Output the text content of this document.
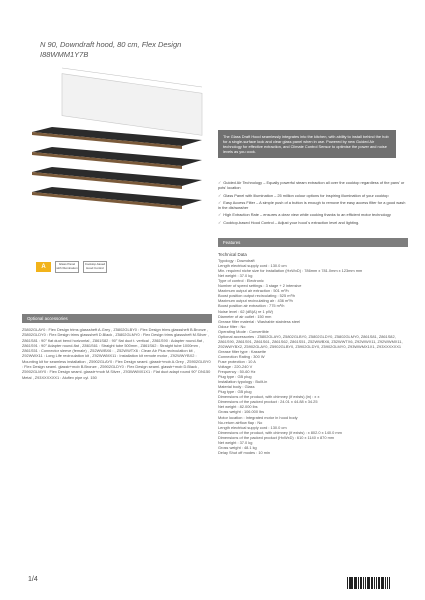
N 90, Downdraft hood, 80 cm, Flex Design
I88WMM1Y7B
The Glass Draft Hood seamlessly integrates into the kitchen, with ability to install behind the hob for a single-surface look and clear glass panel when in use. Powered by new Guided Air technology for effective extraction, and Climate Control Sensor to optimise the power and noise levels as you cook.
✓ Guided Air Technology – Equally powerful steam extraction all over the cooktop regardless of the pans' or pots' location
✓ Glass Panel with Illumination – 25 million colour options for inspiring illumination of your cooktop
✓ Easy Access Filter – A simple push of a button is enough to remove the easy access filter for a good wash in the dishwasher
✓ High Extraction Rate – ensures a clear view while cooking thanks to an efficient motor technology
✓ Cooktop-based Hood Control – Adjust your hood`s extraction level and lighting.
Features
A	Glass Panel with Illumination
Cooktop-based Hood Control
Optional accessories
Z5802GLAY0 : Flex Design trims glasssheft A.Grey , Z5802GLBY0 : Flex Design trims glasssheft B.Bronze , Z5802GLDY0 : Flex Design trims glasssheft D.Black , Z5802GLMY0 : Flex Design trims glasssheft M.Silver , Z861S81 : 90° flat duct bend horizontal , Z861S82 : 90° flat duct t. vertical , Z861S90 : Adapter round-flat , Z861S91 : 90° Adapter round-flat , Z861S61 : Straight tube 500mm , Z861S62 : Straight tube 1000mm , Z861S51 : Connector sleeve (female) , Z52WWBX6 : , Z52WWTX6 : Clean Air Plus recirculation kit , Z92WWX11 : Long Life recirculation kit , Z92WWMX11 : Installation kit remote motor , Z92WWYBX2 : Mounting kit for seamless installation , Z5902GLAY0 : Flex Design seaml. glasstr+mob A.Grey , Z5902GLBY0 : Flex Design seaml. glasstr+mob B.Bronze , Z5902GLDY0 : Flex Design seaml. glasstr+mob D.Black , Z5902GLMY0 : Flex Design seaml. glasstr+mob M.Silver , Z93WWMX1X1 : Flat duct adapt round 90° DN150 Metal , Z93XXXXXX1 : Alufiex pipe cyl. 150
Technical Data
Typology : Downdraft
Length electrical supply cord : 130.0 cm
Min. required niche size for installation (HxWxD) : 786mm x 781.0mm x 123mm mm
Net weight : 37.0 kg
Type of control : Electronic
Number of speed settings : 3 stage + 2 intensive
Maximum output air extraction : 501 m³/h
Boost position output recirculating : 525 m³/h
Maximum output recirculating air : 436 m³/h
Boost position air extraction : 775 m³/h
Noise level : 62 (dB(A) re 1 pW)
Diameter of air outlet : 150 mm
Grease filter material : Washable stainless steel
Odour filter : No
Operating Mode : Convertible
Optional accessories : Z5802GLAY0, Z5802GLBY0, Z5802GLDY0, Z5802GLMY0, Z861S81, Z861S82, Z861S90, Z861S91, Z861S61, Z861S62, Z861S51, Z52WWBX6, Z52WWTX6, Z92WWX11, Z92WWMX11, Z92WWYBX2, Z5902GLAY0, Z5902GLBY0, Z5902GLDY0, Z5902GLMY0, Z93WWMX1X1, Z93XXXXXX1
Grease filter type : Kassette
Connection Rating : 300 W
Fuse protection : 10 A
Voltage : 220-240 V
Frequency : 50-60 Hz
Plug type : GB plug
Installation typology : Built-in
Material body : Glass
Plug type : GB plug
Dimensions of the product, with chimney (if exists) (in) : x x
Dimensions of the packed product : 24.01 x 44.88 x 34.25
Net weight : 82.000 lbs
Gross weight : 106.000 lbs
Motor location : Integrated motor in hood body
No-return airflow flap : No
Length electrical supply cord : 130.0 cm
Dimensions of the product, with chimney (if exists) : x 802.0 x 140.0 mm
Dimensions of the packed product (HxWxD) : 610 x 1140 x 870 mm
Net weight : 37.0 kg
Gross weight : 48.1 kg
Delay Shut off modes : 10 min
1/4
